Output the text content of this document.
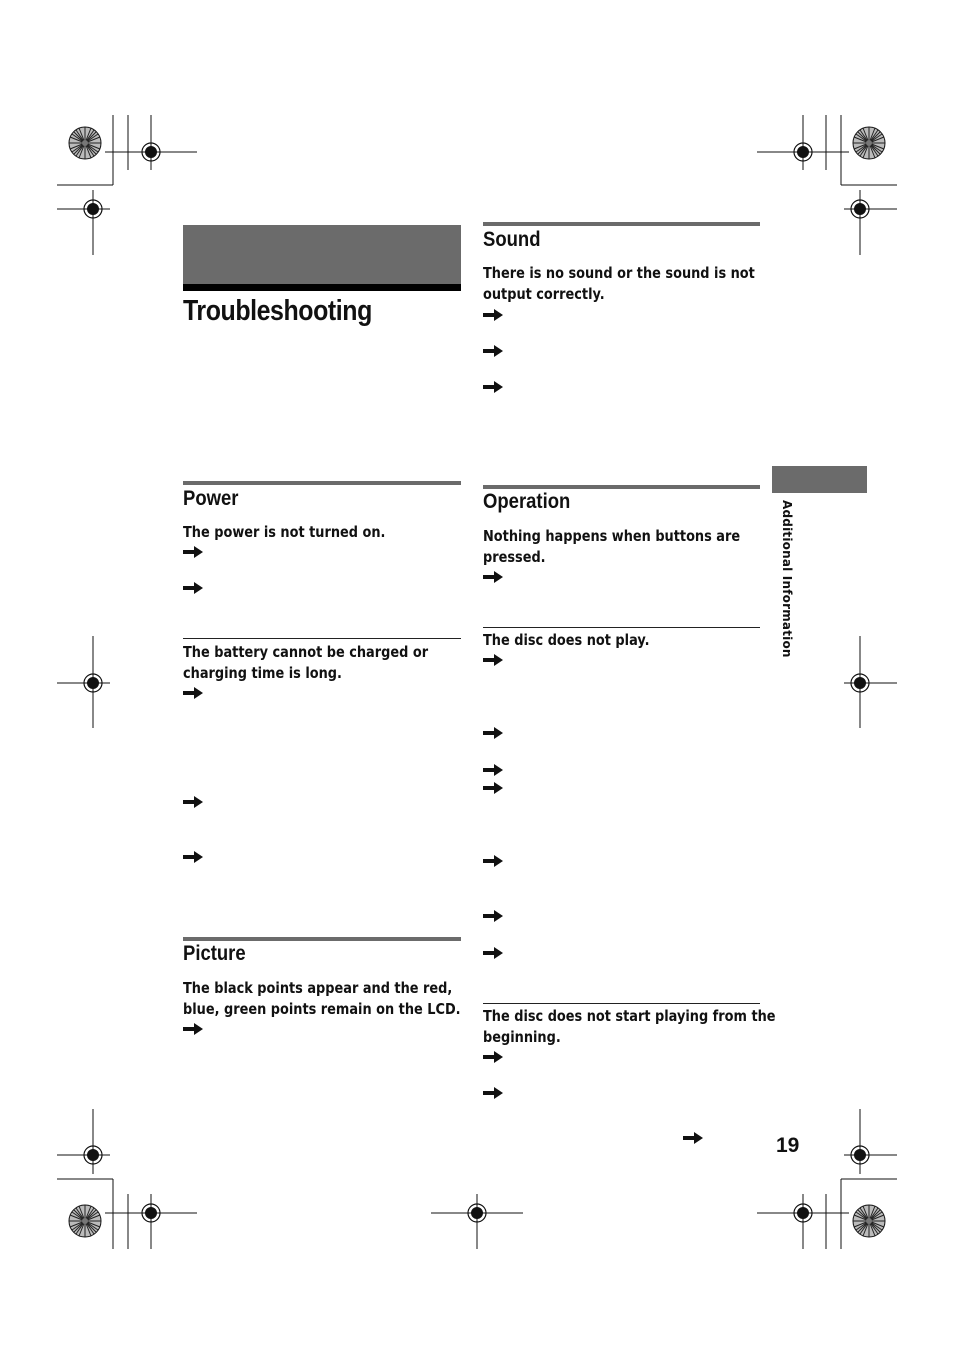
Troubleshooting
Sound
There is no sound or the sound is not
output correctly.
Power
The power is not turned on.
The battery cannot be charged or
charging time is long.
Picture
The black points appear and the red,
blue, green points remain on the LCD.
Operation
Nothing happens when buttons are
pressed.
The disc does not play.
The disc does not start playing from the
beginning.
Additional Information
19
